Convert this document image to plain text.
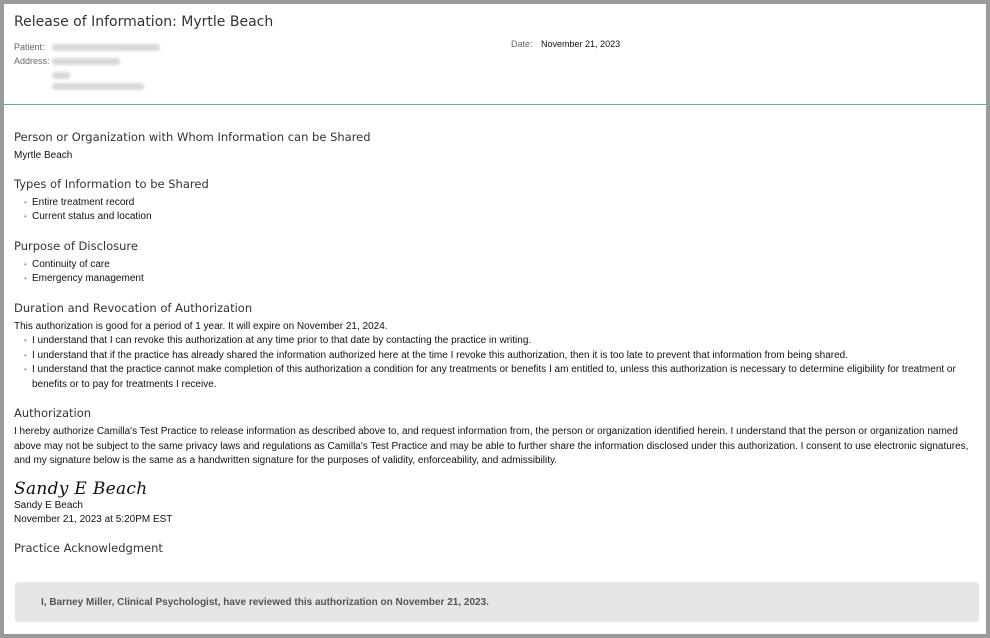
Release of Information: Myrtle Beach
Patient:
Address:
Date: November 21, 2023
Person or Organization with Whom Information can be Shared
Myrtle Beach
Types of Information to be Shared
• Entire treatment record
• Current status and location
Purpose of Disclosure
• Continuity of care
• Emergency management
Duration and Revocation of Authorization
This authorization is good for a period of 1 year. It will expire on November 21, 2024.
• I understand that I can revoke this authorization at any time prior to that date by contacting the practice in writing.
• I understand that if the practice has already shared the information authorized here at the time I revoke this authorization, then it is too late to prevent that information from being shared.
• I understand that the practice cannot make completion of this authorization a condition for any treatments or benefits I am entitled to, unless this authorization is necessary to determine eligibility for treatment or benefits or to pay for treatments I receive.
Authorization
I hereby authorize Camilla's Test Practice to release information as described above to, and request information from, the person or organization identified herein. I understand that the person or organization named above may not be subject to the same privacy laws and regulations as Camilla's Test Practice and may be able to further share the information disclosed under this authorization. I consent to use electronic signatures, and my signature below is the same as a handwritten signature for the purposes of validity, enforceability, and admissibility.
Sandy E Beach
Sandy E Beach
November 21, 2023 at 5:20PM EST
Practice Acknowledgment
I, Barney Miller, Clinical Psychologist, have reviewed this authorization on November 21, 2023.
